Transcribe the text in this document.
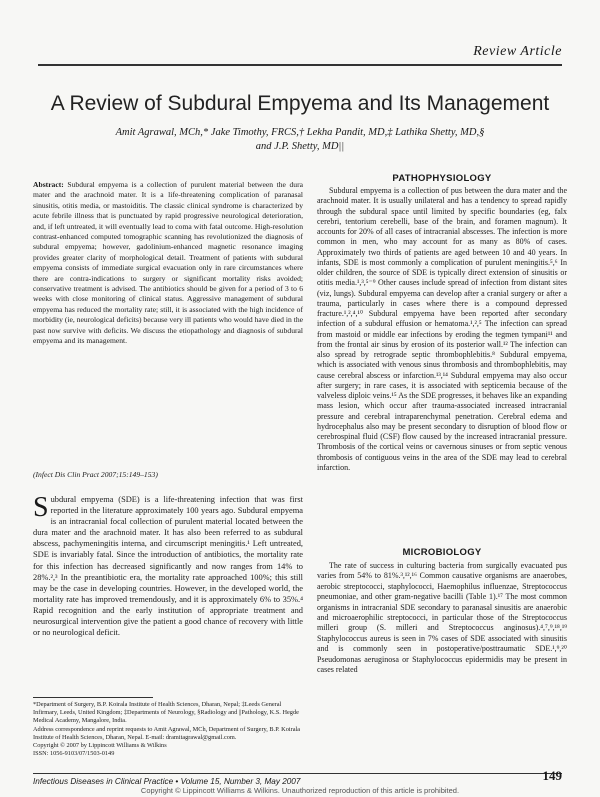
Review Article
A Review of Subdural Empyema and Its Management
Amit Agrawal, MCh,* Jake Timothy, FRCS,† Lekha Pandit, MD,‡ Lathika Shetty, MD,§
and J.P. Shetty, MD||

Abstract: Subdural empyema is a collection of purulent material between the dura mater and the arachnoid mater. It is a life-threatening complication of paranasal sinusitis, otitis media, or mastoiditis. The classic clinical syndrome is characterized by acute febrile illness that is punctuated by rapid progressive neurological deterioration, and, if left untreated, it will eventually lead to coma with fatal outcome. High-resolution contrast-enhanced computed tomographic scanning has revolutionized the diagnosis of subdural empyema; however, gadolinium-enhanced magnetic resonance imaging provides greater clarity of morphological detail. Treatment of patients with subdural empyema consists of immediate surgical evacuation only in rare circumstances where there are contra-indications to surgery or significant mortality risks avoided; conservative treatment is advised. The antibiotics should be given for a period of 3 to 6 weeks with close monitoring of clinical status. Aggressive management of subdural empyema has reduced the mortality rate; still, it is associated with the high incidence of morbidity (ie, neurological deficits) because very ill patients who would have died in the past now survive with deficits. We discuss the etiopathology and diagnosis of subdural empyema and its management.

(Infect Dis Clin Pract 2007;15:149–153)
S ubdural empyema (SDE) is a life-threatening infection that was first reported in the literature approximately 100 years ago. Subdural empyema is an intracranial focal collection of purulent material located between the dura mater and the arachnoid mater. It has also been referred to as subdural abscess, pachymeningitis interna, and circumscript meningitis.¹ Left untreated, SDE is invariably fatal. Since the introduction of antibiotics, the mortality rate for this infection has decreased significantly and now ranges from 14% to 28%.²,³ In the preantibiotic era, the mortality rate approached 100%; this still may be the case in developing countries. However, in the developed world, the mortality rate has improved tremendously, and it is approximately 6% to 35%.⁴ Rapid recognition and the early institution of appropriate treatment and neurosurgical intervention give the patient a good chance of recovery with little or no neurological deficit.

*Department of Surgery, B.P. Koirala Institute of Health Sciences, Dharan, Nepal; ‡Leeds General Infirmary, Leeds, United Kingdom; ‡Departments of Neurology, §Radiology and ||Pathology, K.S. Hegde Medical Academy, Mangalore, India.

Address correspondence and reprint requests to Amit Agrawal, MCh, Department of Surgery, B.P. Koirala Institute of Health Sciences, Dharan, Nepal. E-mail: dramitagrawal@gmail.com.

Copyright © 2007 by Lippincott Williams & Wilkins

ISSN: 1056-9103/07/1503-0149

PATHOPHYSIOLOGY

Subdural empyema is a collection of pus between the dura mater and the arachnoid mater. It is usually unilateral and has a tendency to spread rapidly through the subdural space until limited by specific boundaries (eg, falx cerebri, tentorium cerebelli, base of the brain, and foramen magnum). It accounts for 20% of all cases of intracranial abscesses. The infection is more common in men, who may account for as many as 80% of cases. Approximately two thirds of patients are aged between 10 and 40 years. In infants, SDE is most commonly a complication of purulent meningitis.⁵,⁶ In older children, the source of SDE is typically direct extension of sinusitis or otitis media.¹,³,⁵⁻⁹ Other causes include spread of infection from distant sites (viz, lungs). Subdural empyema can develop after a cranial surgery or after a trauma, particularly in cases where there is a compound depressed fracture.¹,²,⁴,¹⁰ Subdural empyema have been reported after secondary infection of a subdural effusion or hematoma.¹,²,⁵ The infection can spread from mastoid or middle ear infections by eroding the tegmen tympani¹¹ and from the frontal air sinus by erosion of its posterior wall.¹² The infection can also spread by retrograde septic thrombophlebitis.⁸ Subdural empyema, which is associated with venous sinus thrombosis and thrombophlebitis, may cause cerebral abscess or infarction.¹³,¹⁴ Subdural empyema may also occur after surgery; in rare cases, it is associated with septicemia because of the valveless diploic veins.¹⁵ As the SDE progresses, it behaves like an expanding mass lesion, which occur after trauma-associated increased intracranial pressure and cerebral intraparenchymal penetration. Cerebral edema and hydrocephalus also may be present secondary to disruption of blood flow or cerebrospinal fluid (CSF) flow caused by the increased intracranial pressure. Thrombosis of the cortical veins or cavernous sinuses or from septic venous thrombosis of contiguous veins in the area of the SDE may lead to cerebral infarction.

MICROBIOLOGY

The rate of success in culturing bacteria from surgically evacuated pus varies from 54% to 81%.³,¹²,¹⁶ Common causative organisms are anaerobes, aerobic streptococci, staphylococci, Haemophilus influenzae, Streptococcus pneumoniae, and other gram-negative bacilli (Table 1).¹⁷ The most common organisms in intracranial SDE secondary to paranasal sinusitis are anaerobic and microaerophilic streptococci, in particular those of the Streptococcus milleri group (S. milleri and Streptococcus anginosus).⁴,⁷,⁹,¹⁸,¹⁹ Staphylococcus aureus is seen in 7% cases of SDE associated with sinusitis and is commonly seen in postoperative/posttraumatic SDE.¹,⁹,²⁰ Pseudomonas aeruginosa or Staphylococcus epidermidis may be present in cases related

Infectious Diseases in Clinical Practice • Volume 15, Number 3, May 2007	149
Copyright © Lippincott Williams & Wilkins. Unauthorized reproduction of this article is prohibited.
